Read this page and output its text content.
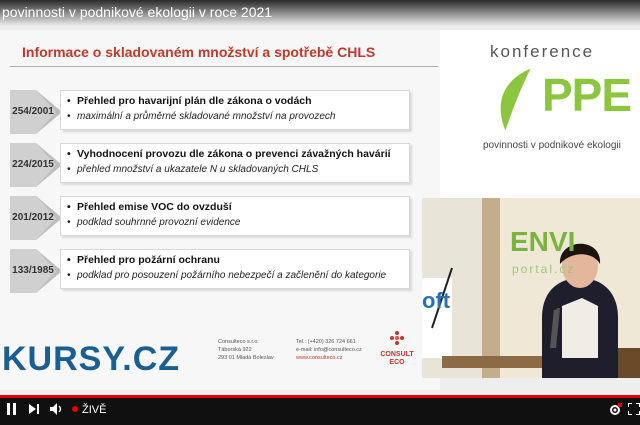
povinnosti v podnikové ekologii v roce 2021
Informace o skladovaném množství a spotřebě CHLS
254/2001
• Přehled pro havarijní plán dle zákona o vodách
• maximální a průměrné skladované množství na provozech
224/2015
• Vyhodnocení provozu dle zákona o prevenci závažných havárií
• přehled množství a ukazatele N u skladovaných CHLS
201/2012
• Přehled emise VOC do ovzduší
• podklad souhrnné provozní evidence
133/1985
• Přehled pro požární ochranu
• podklad pro posouzení požárního nebezpečí a začlenění do kategorie
Consulteco s.r.o.
Táborská 922
293 01 Mladá Boleslav
Tel.: (+420) 326 724 661
e-mail: info@consulteco.cz
www.consulteco.cz	CONSULT
ECO
KURSY.CZ
konference
PPE
povinnosti v podnikové ekologii
ENVI
portal.cz
oft
ŽIVĚ
